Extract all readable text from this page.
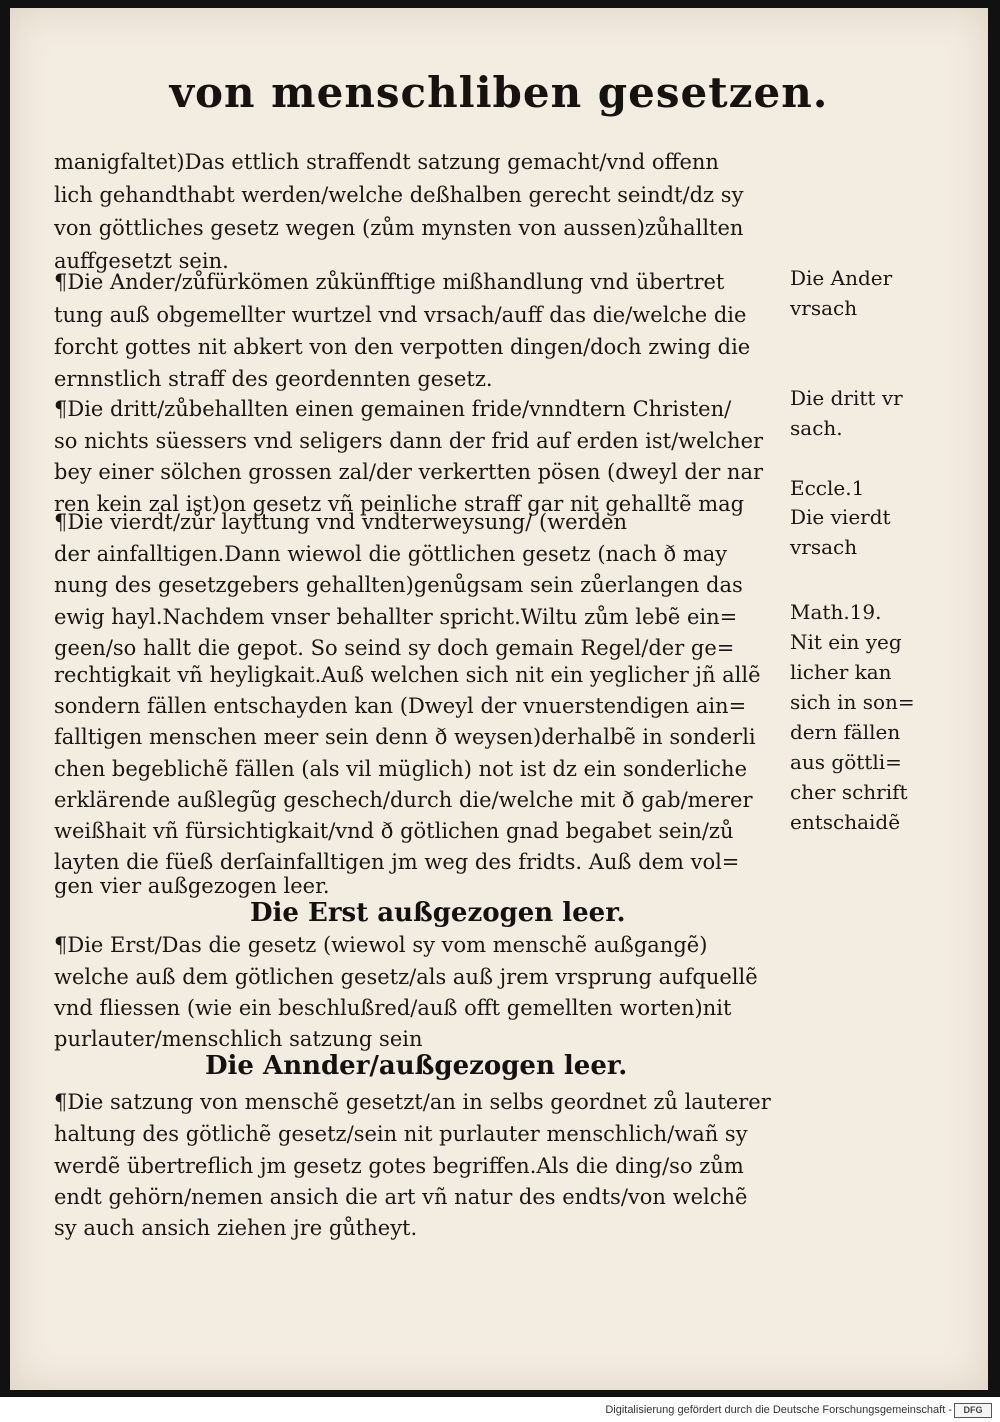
von menschliben gesetzen.
manigfaltet)Das ettlich straffendt satzung gemacht/vnd offenn
lich gehandthabt werden/welche deßhalben gerecht seindt/dz sy
von göttliches gesetz wegen (zům mynsten von aussen)zůhallten
auffgesetzt sein.
¶Die Ander/zůfürkömen zůkünfftige mißhandlung vnd übertret
tung auß obgemellter wurtzel vnd vrsach/auff das die/welche die
forcht gottes nit abkert von den verpotten dingen/doch zwing die
ernnstlich straff des geordennten gesetz.
¶Die dritt/zůbehallten einen gemainen fride/vnndtern Christen/
so nichts süessers vnd seligers dann der frid auf erden ist/welcher
bey einer sölchen grossen zal/der verkertten pösen (dweyl der nar
ren kein zal ist)on gesetz vñ peinliche straff gar nit gehalltẽ mag
¶Die vierdt/zůr layttung vnd vndterweysung/ (werden
der ainfalltigen.Dann wiewol die göttlichen gesetz (nach ð may
nung des gesetzgebers gehallten)genůgsam sein zůerlangen das
ewig hayl.Nachdem vnser behallter spricht.Wiltu zům lebẽ ein=
geen/so hallt die gepot. So seind sy doch gemain Regel/der ge=
rechtigkait vñ heyligkait.Auß welchen sich nit ein yeglicher jñ allẽ
sondern fällen entschayden kan (Dweyl der vnuerstendigen ain=
falltigen menschen meer sein denn ð weysen)derhalbẽ in sonderli
chen begeblichẽ fällen (als vil müglich) not ist dz ein sonderliche
erklärende außlegũg geschech/durch die/welche mit ð gab/merer
weißhait vñ fürsichtigkait/vnd ð götlichen gnad begabet sein/zů
layten die füeß derſainfalltigen jm weg des fridts. Auß dem vol=
gen vier außgezogen leer.
Die Erst außgezogen leer.
¶Die Erst/Das die gesetz (wiewol sy vom menschẽ außgangẽ)
welche auß dem götlichen gesetz/als auß jrem vrsprung aufquellẽ
vnd fliessen (wie ein beschlußred/auß offt gemellten worten)nit
purlauter/menschlich satzung sein
Die Annder/außgezogen leer.
¶Die satzung von menschẽ gesetzt/an in selbs geordnet zů lauterer
haltung des götlichẽ gesetz/sein nit purlauter menschlich/wañ sy
werdẽ übertreflich jm gesetz gotes begriffen.Als die ding/so zům
endt gehörn/nemen ansich die art vñ natur des endts/von welchẽ
sy auch ansich ziehen jre gůtheyt.
Die Ander
vrsach
Die dritt vr
sach.
Eccle.1
Die vierdt
vrsach
Math.19.
Nit ein yeg
licher kan
sich in son=
dern fällen
aus göttli=
cher schrift
entschaidẽ
Digitalisierung gefördert durch die Deutsche Forschungsgemeinschaft -	DFG
